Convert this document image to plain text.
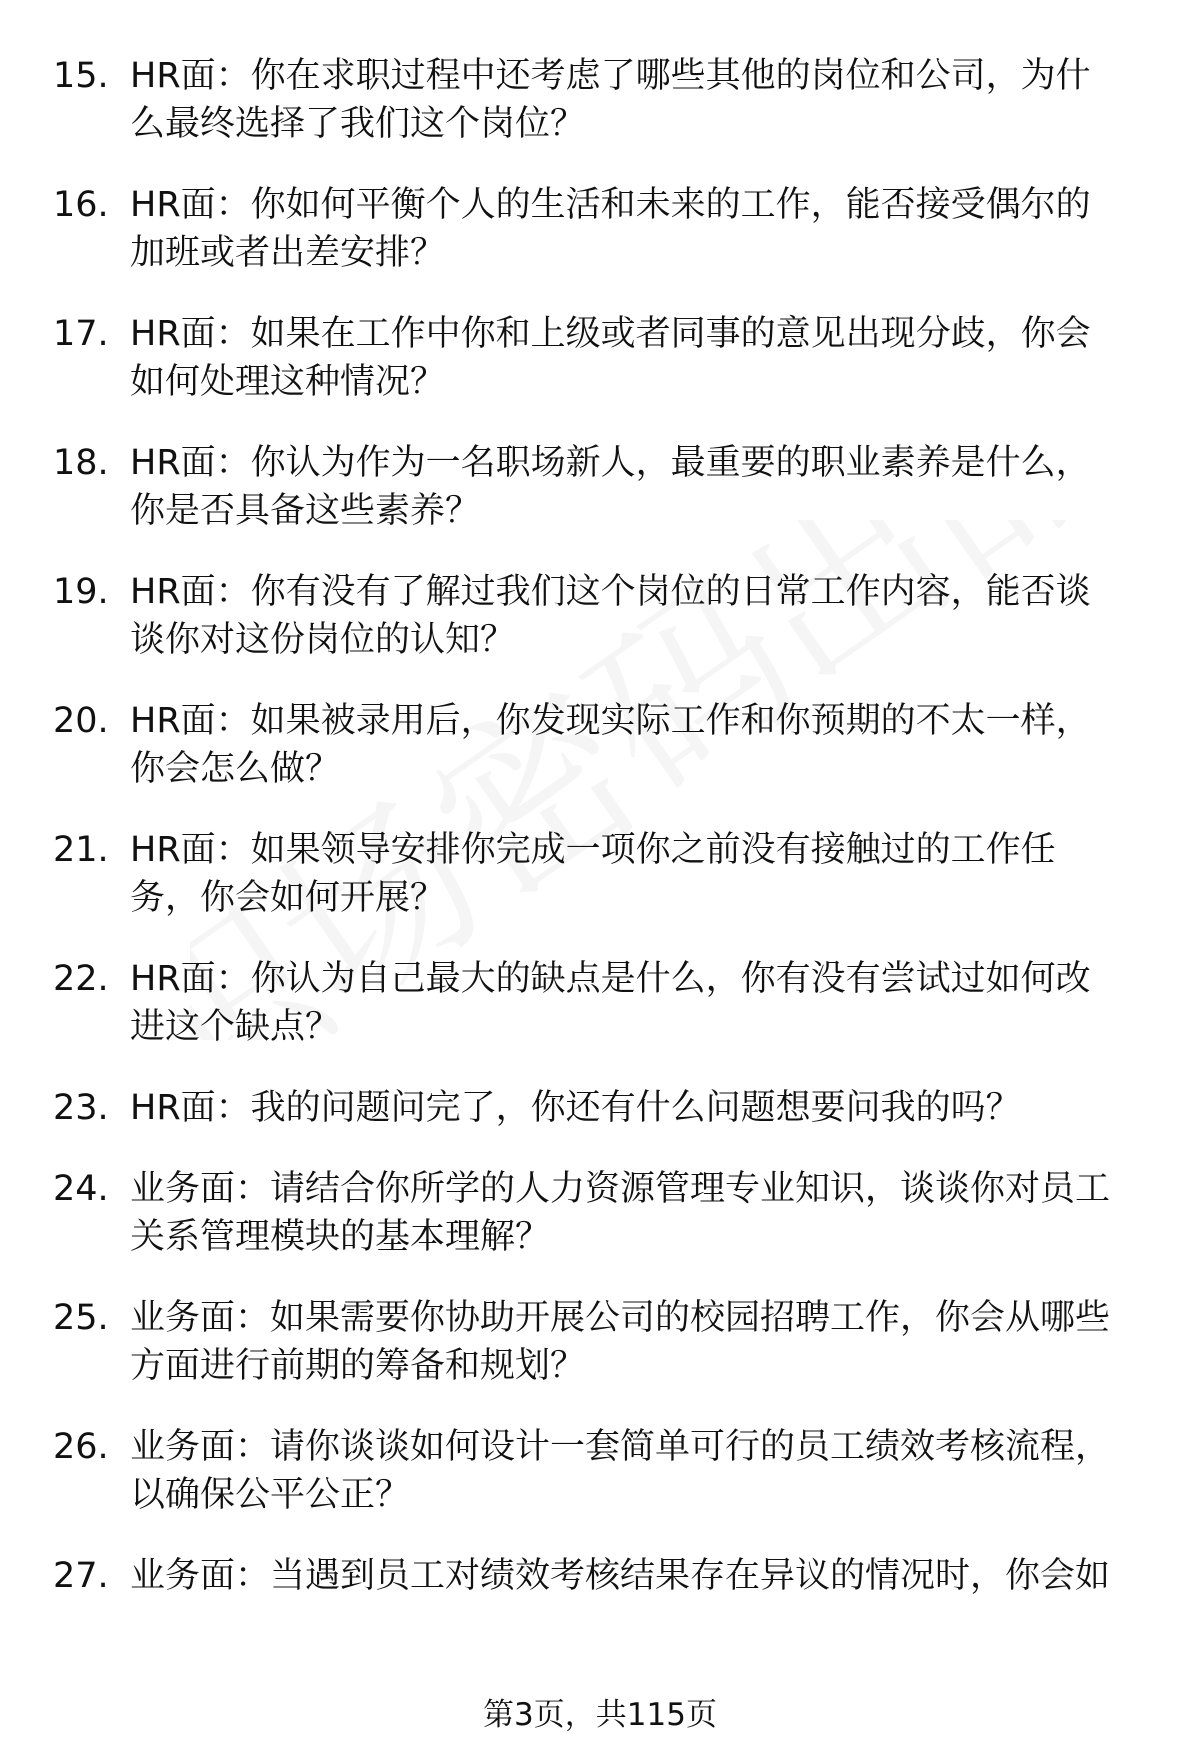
职场密码出品
15. HR面：你在求职过程中还考虑了哪些其他的岗位和公司，为什么最终选择了我们这个岗位？
16. HR面：你如何平衡个人的生活和未来的工作，能否接受偶尔的加班或者出差安排？
17. HR面：如果在工作中你和上级或者同事的意见出现分歧，你会如何处理这种情况？
18. HR面：你认为作为一名职场新人，最重要的职业素养是什么，你是否具备这些素养？
19. HR面：你有没有了解过我们这个岗位的日常工作内容，能否谈谈你对这份岗位的认知？
20. HR面：如果被录用后，你发现实际工作和你预期的不太一样，你会怎么做？
21. HR面：如果领导安排你完成一项你之前没有接触过的工作任务，你会如何开展？
22. HR面：你认为自己最大的缺点是什么，你有没有尝试过如何改进这个缺点？
23. HR面：我的问题问完了，你还有什么问题想要问我的吗？
24. 业务面：请结合你所学的人力资源管理专业知识，谈谈你对员工关系管理模块的基本理解？
25. 业务面：如果需要你协助开展公司的校园招聘工作，你会从哪些方面进行前期的筹备和规划？
26. 业务面：请你谈谈如何设计一套简单可行的员工绩效考核流程，以确保公平公正？
27. 业务面：当遇到员工对绩效考核结果存在异议的情况时，你会如
第3页，共115页
